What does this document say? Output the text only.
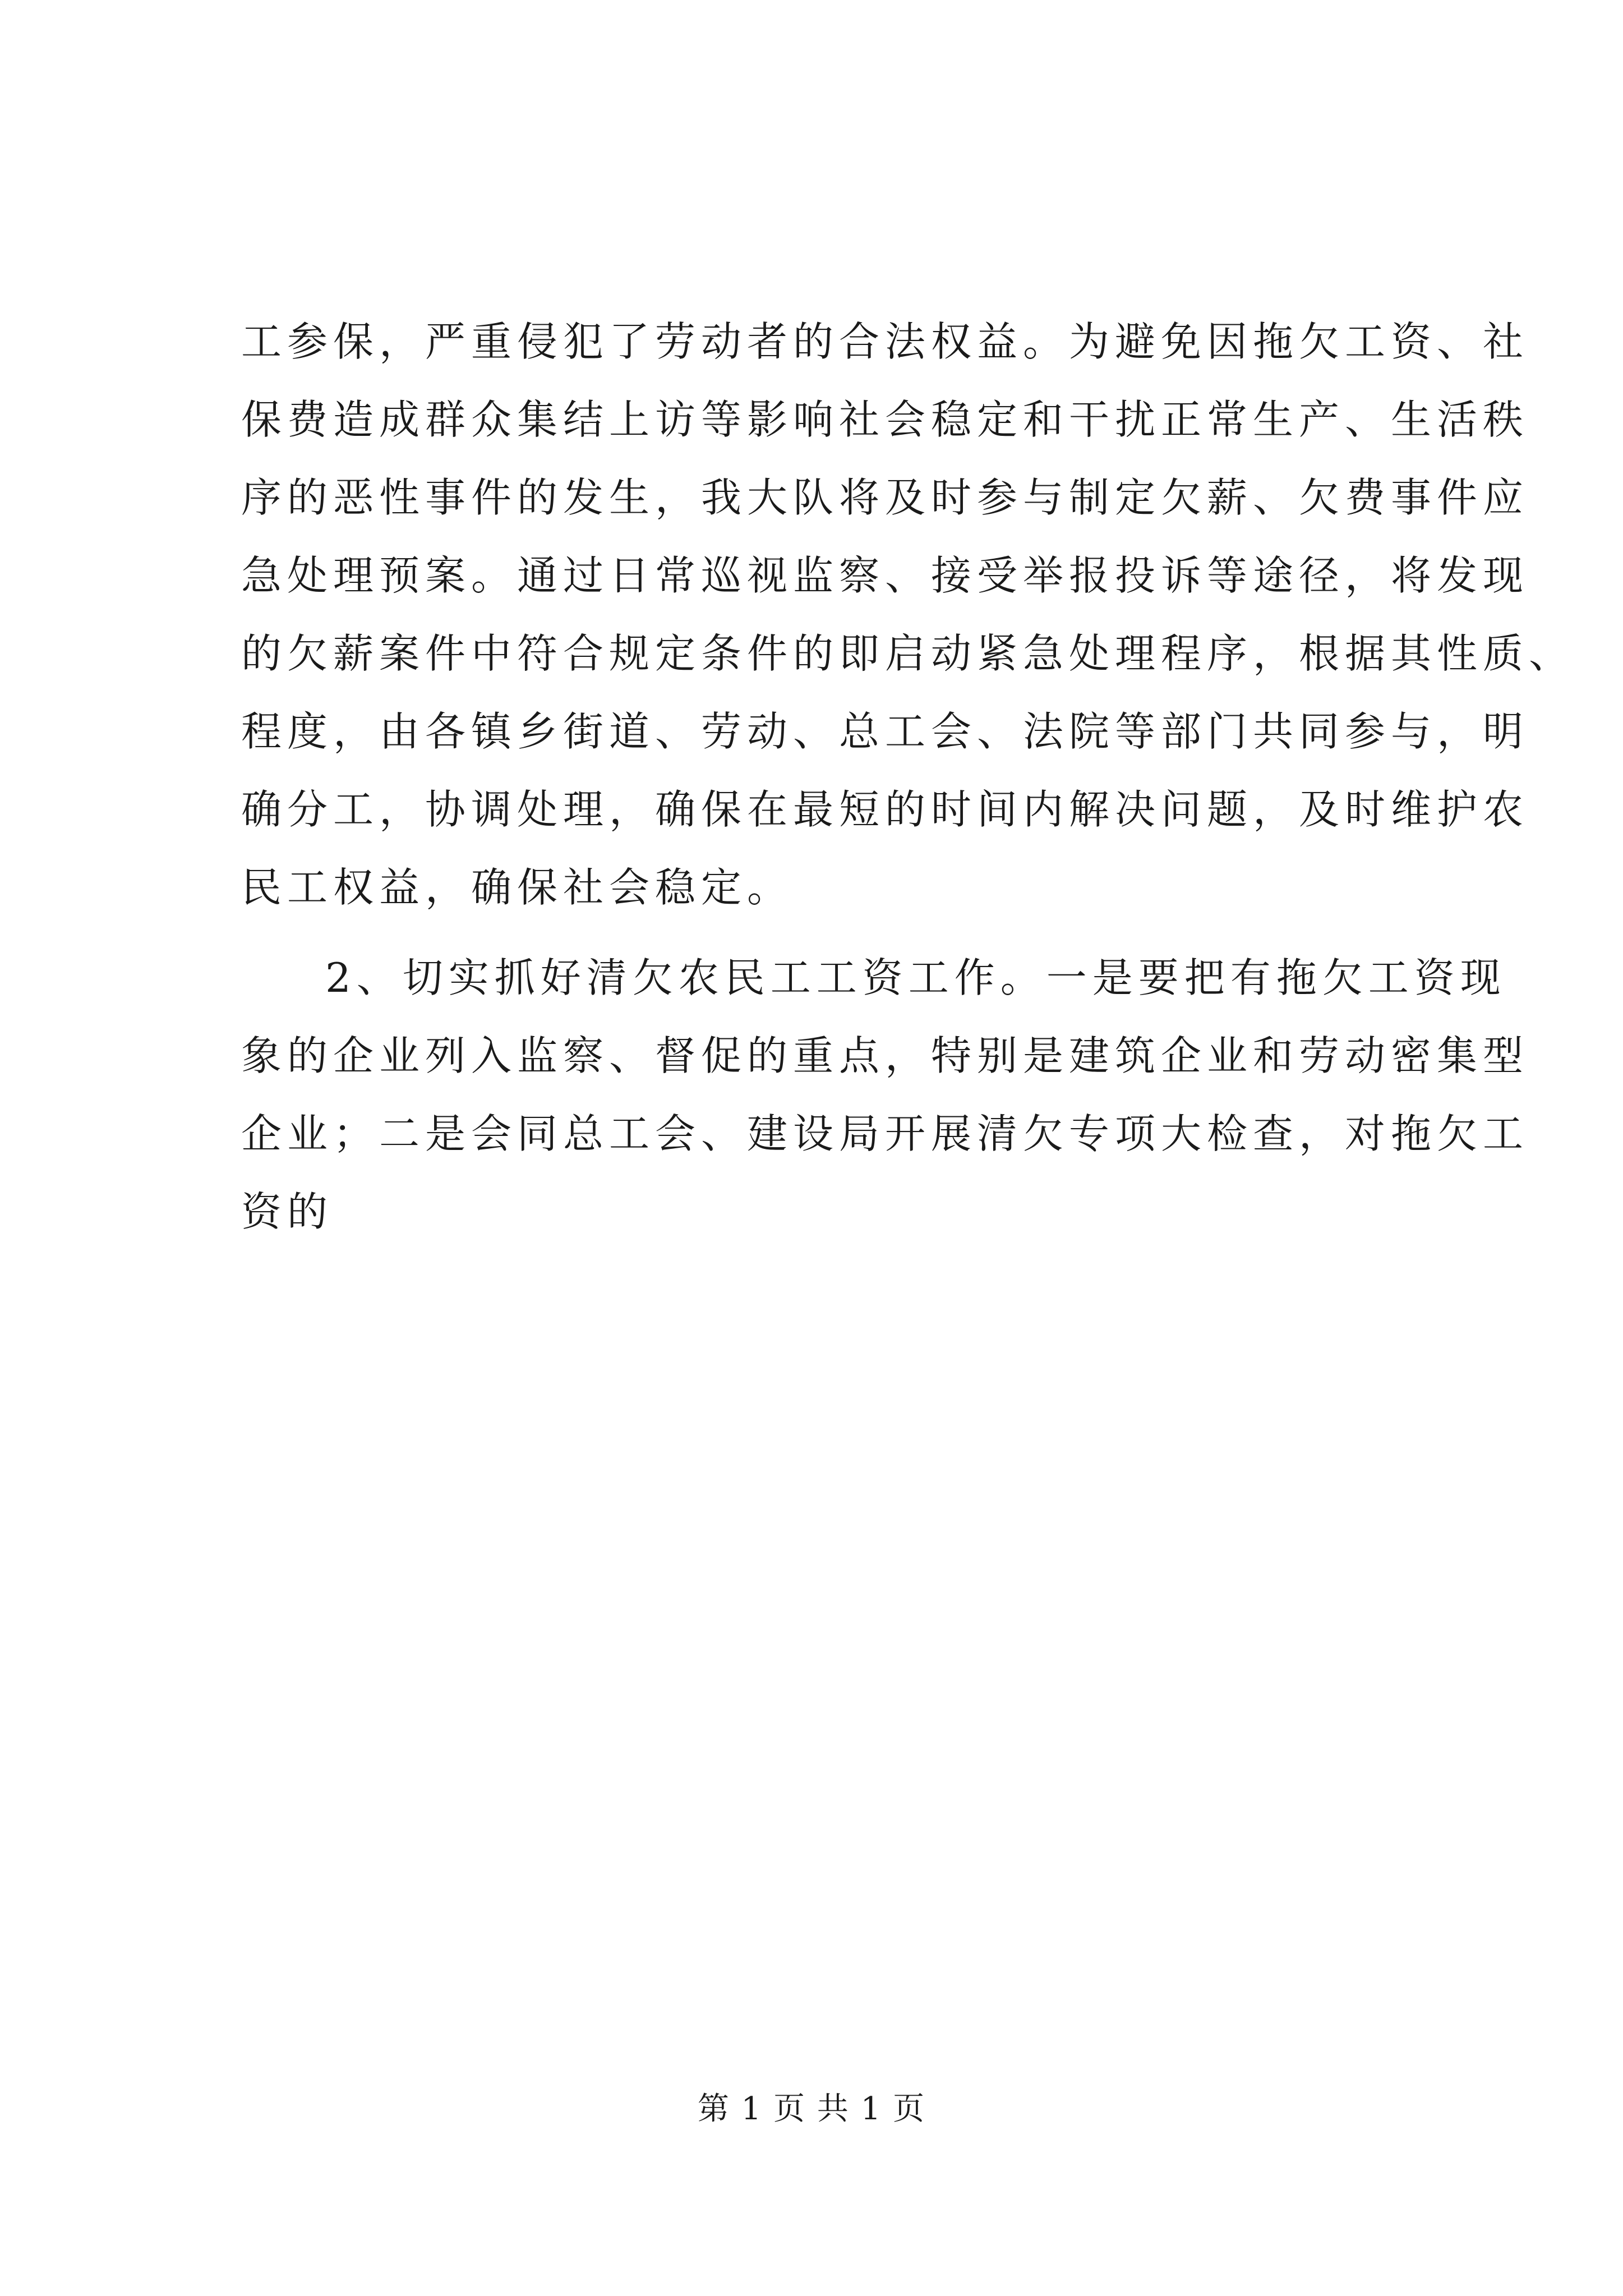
工参保，严重侵犯了劳动者的合法权益。为避免因拖欠工资、社
保费造成群众集结上访等影响社会稳定和干扰正常生产、生活秩
序的恶性事件的发生，我大队将及时参与制定欠薪、欠费事件应
急处理预案。通过日常巡视监察、接受举报投诉等途径，将发现
的欠薪案件中符合规定条件的即启动紧急处理程序，根据其性质、
程度，由各镇乡街道、劳动、总工会、法院等部门共同参与，明
确分工，协调处理，确保在最短的时间内解决问题，及时维护农
民工权益，确保社会稳定。
2、切实抓好清欠农民工工资工作。一是要把有拖欠工资现
象的企业列入监察、督促的重点，特别是建筑企业和劳动密集型
企业；二是会同总工会、建设局开展清欠专项大检查，对拖欠工
资的
第 1 页 共 1 页
